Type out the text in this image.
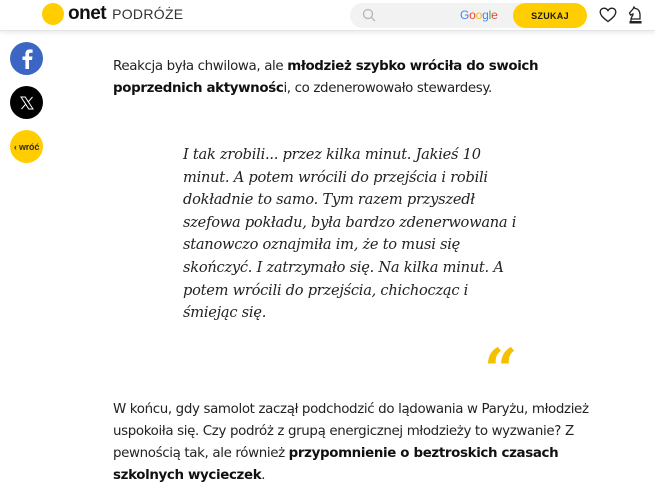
onet PODRÓŻE	Google	SZUKAJ
‹ wróć

Reakcja była chwilowa, ale młodzież szybko wróciła do swoich poprzednich aktywności, co zdenerowowało stewardesy.

I tak zrobili... przez kilka minut. Jakieś 10 minut. A potem wrócili do przejścia i robili dokładnie to samo. Tym razem przyszedł szefowa pokładu, była bardzo zdenerwowana i stanowczo oznajmiła im, że to musi się skończyć. I zatrzymało się. Na kilka minut. A potem wrócili do przejścia, chichocząc i śmiejąc się.
“

W końcu, gdy samolot zaczął podchodzić do lądowania w Paryżu, młodzież uspokoiła się. Czy podróż z grupą energicznej młodzieży to wyzwanie? Z pewnością tak, ale również przypomnienie o beztroskich czasach szkolnych wycieczek.
